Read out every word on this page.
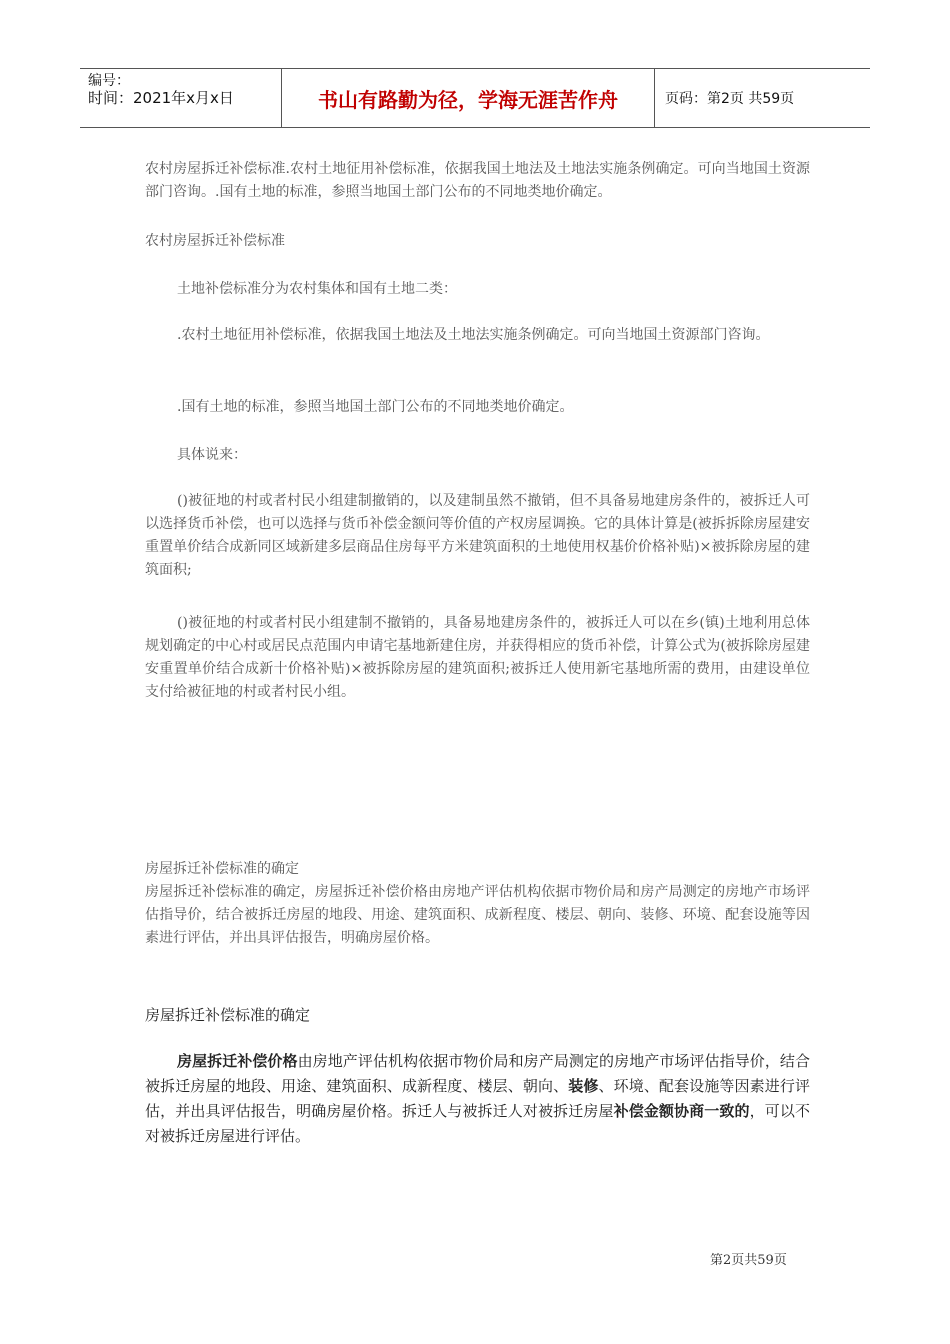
编号：
时间：2021年x月x日	书山有路勤为径，学海无涯苦作舟	页码：第2页 共59页

农村房屋拆迁补偿标准.农村土地征用补偿标准，依据我国土地法及土地法实施条例确定。可向当地国土资源部门咨询。.国有土地的标准，参照当地国土部门公布的不同地类地价确定。

农村房屋拆迁补偿标准

土地补偿标准分为农村集体和国有土地二类：

.农村土地征用补偿标准，依据我国土地法及土地法实施条例确定。可向当地国土资源部门咨询。

.国有土地的标准，参照当地国土部门公布的不同地类地价确定。

具体说来：

()被征地的村或者村民小组建制撤销的，以及建制虽然不撤销，但不具备易地建房条件的，被拆迁人可以选择货币补偿，也可以选择与货币补偿金额问等价值的产权房屋调换。它的具体计算是(被拆拆除房屋建安重置单价结合成新同区域新建多层商品住房每平方米建筑面积的土地使用权基价价格补贴)×被拆除房屋的建筑面积;

()被征地的村或者村民小组建制不撤销的，具备易地建房条件的，被拆迁人可以在乡(镇)土地利用总体规划确定的中心村或居民点范围内申请宅基地新建住房，并获得相应的货币补偿，计算公式为(被拆除房屋建安重置单价结合成新十价格补贴)×被拆除房屋的建筑面积;被拆迁人使用新宅基地所需的费用，由建设单位支付给被征地的村或者村民小组。

房屋拆迁补偿标准的确定

房屋拆迁补偿标准的确定，房屋拆迁补偿价格由房地产评估机构依据市物价局和房产局测定的房地产市场评估指导价，结合被拆迁房屋的地段、用途、建筑面积、成新程度、楼层、朝向、装修、环境、配套设施等因素进行评估，并出具评估报告，明确房屋价格。

房屋拆迁补偿标准的确定

房屋拆迁补偿价格由房地产评估机构依据市物价局和房产局测定的房地产市场评估指导价，结合被拆迁房屋的地段、用途、建筑面积、成新程度、楼层、朝向、装修、环境、配套设施等因素进行评估，并出具评估报告，明确房屋价格。拆迁人与被拆迁人对被拆迁房屋补偿金额协商一致的，可以不对被拆迁房屋进行评估。

第2页共59页
